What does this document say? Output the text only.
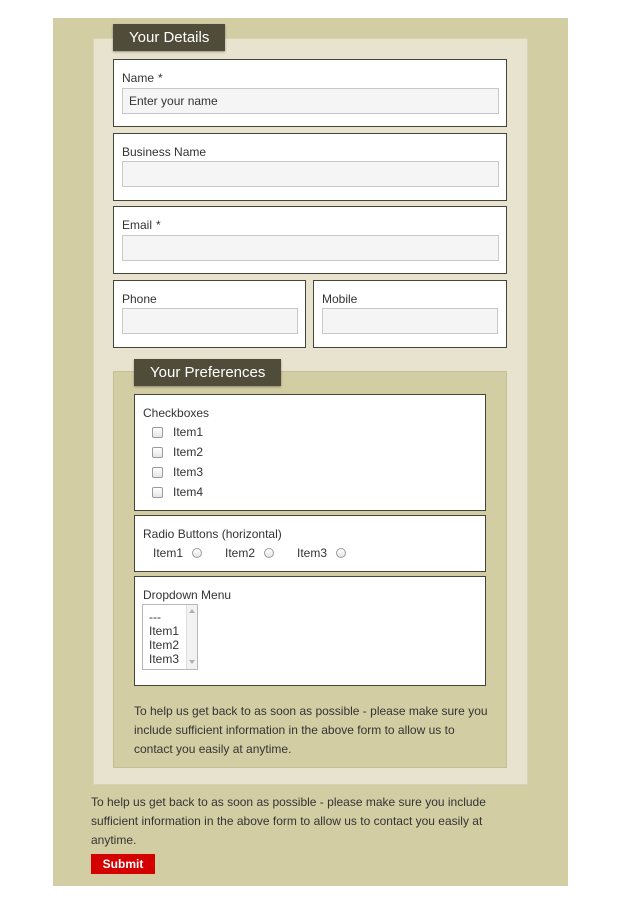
Your Details
Name *
Enter your name
Business Name
Email *
Phone	Mobile
Your Preferences
Checkboxes
Item1
Item2
Item3
Item4
Radio Buttons (horizontal)
Item1	Item2	Item3
Dropdown Menu
---
Item1
Item2
Item3
To help us get back to as soon as possible - please make sure you include sufficient information in the above form to allow us to contact you easily at anytime.
To help us get back to as soon as possible - please make sure you include sufficient information in the above form to allow us to contact you easily at anytime.
Submit
